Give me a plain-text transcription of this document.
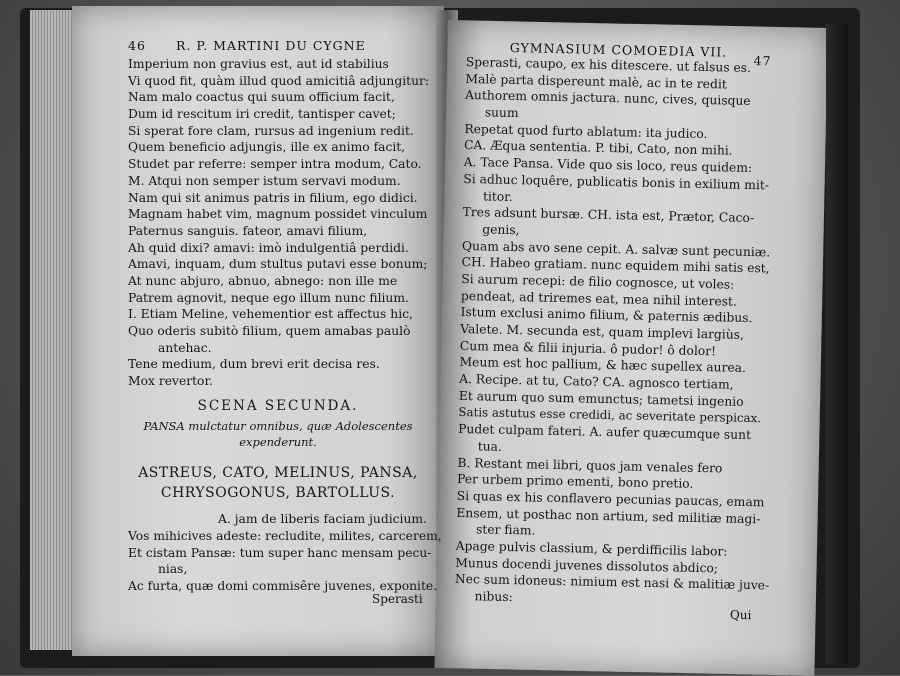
46 R. P. MARTINI DU CYGNE
Imperium non gravius est, aut id stabilius
Vi quod fit, quàm illud quod amicitiâ adjungitur:
Nam malo coactus qui suum officium facit,
Dum id rescitum iri credit, tantisper cavet;
Si sperat fore clam, rursus ad ingenium redit.
Quem beneficio adjungis, ille ex animo facit,
Studet par referre: semper intra modum, Cato.
M. Atqui non semper istum servavi modum.
Nam qui sit animus patris in filium, ego didici.
Magnam habet vim, magnum possidet vinculum
Paternus sanguis. fateor, amavi filium,
Ah quid dixi? amavi: imò indulgentiâ perdidi.
Amavi, inquam, dum stultus putavi esse bonum;
At nunc abjuro, abnuo, abnego: non ille me
Patrem agnovit, neque ego illum nunc filium.
I. Etiam Meline, vehementior est affectus hic,
Quo oderis subitò filium, quem amabas paulò
antehac.
Tene medium, dum brevi erit decisa res.
Mox revertor.
SCENA SECUNDA.
PANSA mulctatur omnibus, quæ Adolescentes
expenderunt.
ASTREUS, CATO, MELINUS, PANSA,
CHRYSOGONUS, BARTOLLUS.
A. jam de liberis faciam judicium.
Vos mihicives adeste: recludite, milites, carcerem,
Et cistam Pansæ: tum super hanc mensam pecu-
nias,
Ac furta, quæ domi commisêre juvenes, exponite.
Sperasti
GYMNASIUM COMOEDIA VII.
47
Sperasti, caupo, ex his ditescere. ut falsus es.
Malè parta dispereunt malè, ac in te redit
Authorem omnis jactura. nunc, cives, quisque
suum
Repetat quod furto ablatum: ita judico.
CA. Æqua sententia. P. tibi, Cato, non mihi.
A. Tace Pansa. Vide quo sis loco, reus quidem:
Si adhuc loquêre, publicatis bonis in exilium mit-
titor.
Tres adsunt bursæ. CH. ista est, Prætor, Caco-
genis,
Quam abs avo sene cepit. A. salvæ sunt pecuniæ.
CH. Habeo gratiam. nunc equidem mihi satis est,
Si aurum recepi: de filio cognosce, ut voles:
pendeat, ad triremes eat, mea nihil interest.
Istum exclusi animo filium, & paternis ædibus.
Valete. M. secunda est, quam implevi largiùs,
Cum mea & filii injuria. ô pudor! ô dolor!
Meum est hoc pallium, & hæc supellex aurea.
A. Recipe. at tu, Cato? CA. agnosco tertiam,
Et aurum quo sum emunctus; tametsi ingenio
Satis astutus esse credidi, ac severitate perspicax.
Pudet culpam fateri. A. aufer quæcumque sunt
tua.
B. Restant mei libri, quos jam venales fero
Per urbem primo ementi, bono pretio.
Si quas ex his conflavero pecunias paucas, emam
Ensem, ut posthac non artium, sed militiæ magi-
ster fiam.
Apage pulvis classium, & perdifficilis labor:
Munus docendi juvenes dissolutos abdico;
Nec sum idoneus: nimium est nasi & malitiæ juve-
nibus:
Qui
